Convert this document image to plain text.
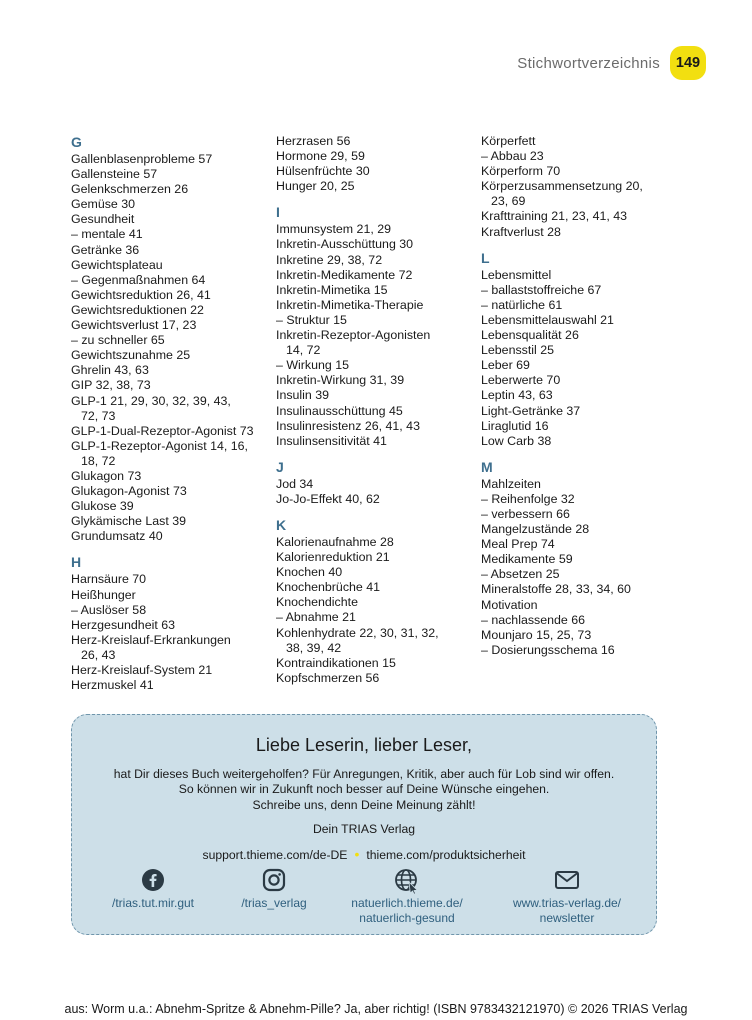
Stichwortverzeichnis	149
G
Gallenblasenprobleme 57
Gallensteine 57
Gelenkschmerzen 26
Gemüse 30
Gesundheit
– mentale 41
Getränke 36
Gewichtsplateau
– Gegenmaßnahmen 64
Gewichtsreduktion 26, 41
Gewichtsreduktionen 22
Gewichtsverlust 17, 23
– zu schneller 65
Gewichtszunahme 25
Ghrelin 43, 63
GIP 32, 38, 73
GLP-1 21, 29, 30, 32, 39, 43,
72, 73
GLP-1-Dual-Rezeptor-Agonist 73
GLP-1-Rezeptor-Agonist 14, 16,
18, 72
Glukagon 73
Glukagon-Agonist 73
Glukose 39
Glykämische Last 39
Grundumsatz 40
H
Harnsäure 70
Heißhunger
– Auslöser 58
Herzgesundheit 63
Herz-Kreislauf-Erkrankungen
26, 43
Herz-Kreislauf-System 21
Herzmuskel 41
Herzrasen 56
Hormone 29, 59
Hülsenfrüchte 30
Hunger 20, 25
I
Immunsystem 21, 29
Inkretin-Ausschüttung 30
Inkretine 29, 38, 72
Inkretin-Medikamente 72
Inkretin-Mimetika 15
Inkretin-Mimetika-Therapie
– Struktur 15
Inkretin-Rezeptor-Agonisten
14, 72
– Wirkung 15
Inkretin-Wirkung 31, 39
Insulin 39
Insulinausschüttung 45
Insulinresistenz 26, 41, 43
Insulinsensitivität 41
J
Jod 34
Jo-Jo-Effekt 40, 62
K
Kalorienaufnahme 28
Kalorienreduktion 21
Knochen 40
Knochenbrüche 41
Knochendichte
– Abnahme 21
Kohlenhydrate 22, 30, 31, 32,
38, 39, 42
Kontraindikationen 15
Kopfschmerzen 56
Körperfett
– Abbau 23
Körperform 70
Körperzusammensetzung 20,
23, 69
Krafttraining 21, 23, 41, 43
Kraftverlust 28
L
Lebensmittel
– ballaststoffreiche 67
– natürliche 61
Lebensmittelauswahl 21
Lebensqualität 26
Lebensstil 25
Leber 69
Leberwerte 70
Leptin 43, 63
Light-Getränke 37
Liraglutid 16
Low Carb 38
M
Mahlzeiten
– Reihenfolge 32
– verbessern 66
Mangelzustände 28
Meal Prep 74
Medikamente 59
– Absetzen 25
Mineralstoffe 28, 33, 34, 60
Motivation
– nachlassende 66
Mounjaro 15, 25, 73
– Dosierungsschema 16
Liebe Leserin, lieber Leser,
hat Dir dieses Buch weitergeholfen? Für Anregungen, Kritik, aber auch für Lob sind wir offen.
So können wir in Zukunft noch besser auf Deine Wünsche eingehen.
Schreibe uns, denn Deine Meinung zählt!
Dein TRIAS Verlag
support.thieme.com/de-DE • thieme.com/produktsicherheit
/trias.tut.mir.gut	/trias_verlag	natuerlich.thieme.de/
natuerlich-gesund
www.trias-verlag.de/
newsletter
aus: Worm u.a.: Abnehm-Spritze & Abnehm-Pille? Ja, aber richtig! (ISBN 9783432121970) © 2026 TRIAS Verlag
